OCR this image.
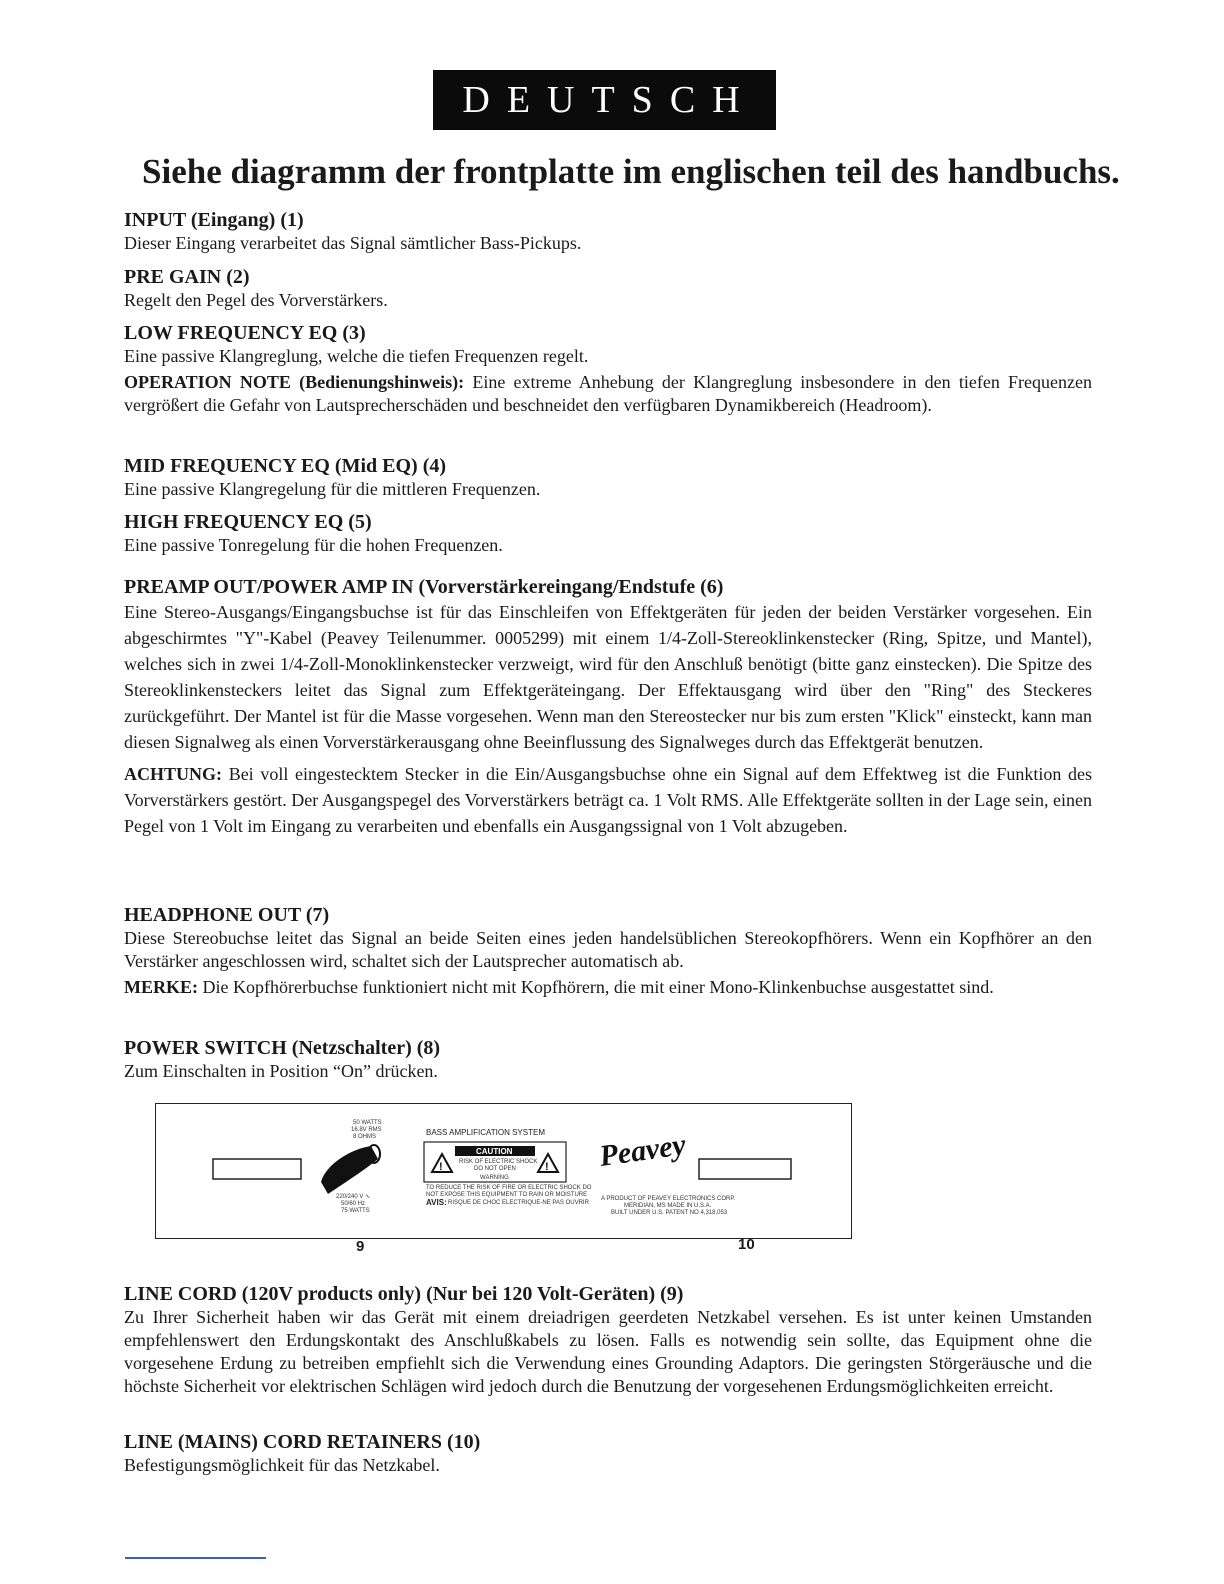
DEUTSCH
Siehe diagramm der frontplatte im englischen teil des handbuchs.
INPUT (Eingang) (1)

Dieser Eingang verarbeitet das Signal sämtlicher Bass-Pickups.

PRE GAIN (2)

Regelt den Pegel des Vorverstärkers.

LOW FREQUENCY EQ (3)

Eine passive Klangreglung, welche die tiefen Frequenzen regelt.

OPERATION NOTE (Bedienungshinweis): Eine extreme Anhebung der Klangreglung insbesondere in den tiefen Frequenzen vergrößert die Gefahr von Lautsprecherschäden und beschneidet den verfügbaren Dynamikbereich (Headroom).

MID FREQUENCY EQ (Mid EQ) (4)

Eine passive Klangregelung für die mittleren Frequenzen.

HIGH FREQUENCY EQ (5)

Eine passive Tonregelung für die hohen Frequenzen.

PREAMP OUT/POWER AMP IN (Vorverstärkereingang/Endstufe (6)

Eine Stereo-Ausgangs/Eingangsbuchse ist für das Einschleifen von Effektgeräten für jeden der beiden Verstärker vorgesehen. Ein abgeschirmtes "Y"-Kabel (Peavey Teilenummer. 0005299) mit einem 1/4-Zoll-Stereoklinkenstecker (Ring, Spitze, und Mantel), welches sich in zwei 1/4-Zoll-Monoklinkenstecker verzweigt, wird für den Anschluß benötigt (bitte ganz einstecken). Die Spitze des Stereoklinkensteckers leitet das Signal zum Effektgeräteingang. Der Effektausgang wird über den "Ring" des Steckeres zurückgeführt. Der Mantel ist für die Masse vorgesehen. Wenn man den Stereostecker nur bis zum ersten "Klick" einsteckt, kann man diesen Signalweg als einen Vorverstärkerausgang ohne Beeinflussung des Signalweges durch das Effektgerät benutzen.

ACHTUNG: Bei voll eingestecktem Stecker in die Ein/Ausgangsbuchse ohne ein Signal auf dem Effektweg ist die Funktion des Vorverstärkers gestört. Der Ausgangspegel des Vorverstärkers beträgt ca. 1 Volt RMS. Alle Effektgeräte sollten in der Lage sein, einen Pegel von 1 Volt im Eingang zu verarbeiten und ebenfalls ein Ausgangssignal von 1 Volt abzugeben.

HEADPHONE OUT (7)

Diese Stereobuchse leitet das Signal an beide Seiten eines jeden handelsüblichen Stereokopfhörers. Wenn ein Kopfhörer an den Verstärker angeschlossen wird, schaltet sich der Lautsprecher automatisch ab.

MERKE: Die Kopfhörerbuchse funktioniert nicht mit Kopfhörern, die mit einer Mono-Klinkenbuchse ausgestattet sind.

POWER SWITCH (Netzschalter) (8)

Zum Einschalten in Position “On” drücken.

50 WATTS
16.8V RMS
8 OHMS
220/240 V ∿
50/60 Hz
75 WATTS
BASS AMPLIFICATION SYSTEM
!	!
CAUTION
RISK OF ELECTRIC SHOCK
DO NOT OPEN
WARNING
TO REDUCE THE RISK OF FIRE OR ELECTRIC SHOCK DO
NOT EXPOSE THIS EQUIPMENT TO RAIN OR MOISTURE
AVIS: RISQUE DE CHOC ELECTRIQUE-NE PAS OUVRIR
Peavey
A PRODUCT OF PEAVEY ELECTRONICS CORP.
MERIDIAN, MS MADE IN U.S.A.
BUILT UNDER U.S. PATENT NO 4,318,053
9	10
LINE CORD (120V products only) (Nur bei 120 Volt-Geräten) (9)

Zu Ihrer Sicherheit haben wir das Gerät mit einem dreiadrigen geerdeten Netzkabel versehen. Es ist unter keinen Umstanden empfehlenswert den Erdungskontakt des Anschlußkabels zu lösen. Falls es notwendig sein sollte, das Equipment ohne die vorgesehene Erdung zu betreiben empfiehlt sich die Verwendung eines Grounding Adaptors. Die geringsten Störgeräusche und die höchste Sicherheit vor elektrischen Schlägen wird jedoch durch die Benutzung der vorgesehenen Erdungsmöglichkeiten erreicht.

LINE (MAINS) CORD RETAINERS (10)

Befestigungsmöglichkeit für das Netzkabel.
